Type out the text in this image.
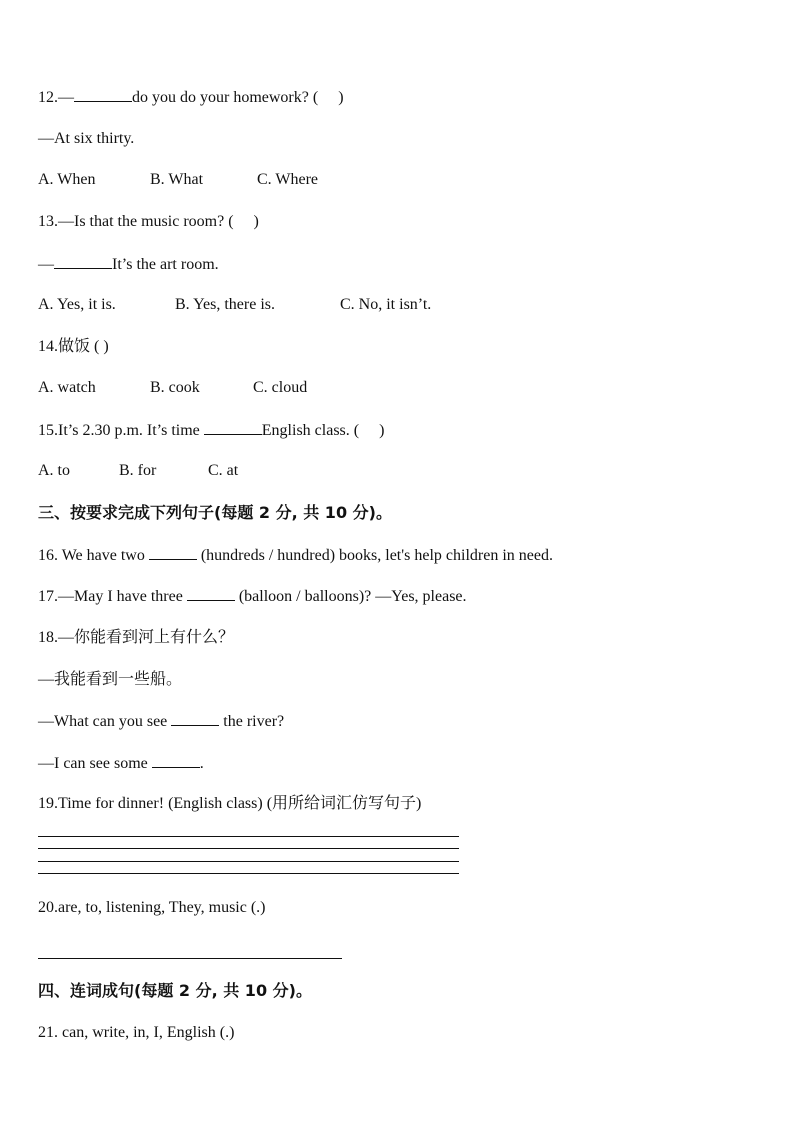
12.—	do you do your homework? ( )
—At six thirty.
A. When	B. What	C. Where
13.—Is that the music room? ( )
—	It’s the art room.
A. Yes, it is.	B. Yes, there is.	C. No, it isn’t.
14.做饭 ( )
A. watch	B. cook	C. cloud
15.It’s 2.30 p.m. It’s time	English class. ( )
A. to	B. for	C. at
三、按要求完成下列句子(每题 2 分, 共 10 分)。
16. We have two	(hundreds / hundred) books, let's help children in need.
17.—May I have three	(balloon / balloons)? —Yes, please.
18.—你能看到河上有什么？
—我能看到一些船。
—What can you see	the river?
—I can see some	.
19.Time for dinner! (English class) (用所给词汇仿写句子)
20.are, to, listening, They, music (.)
四、连词成句(每题 2 分, 共 10 分)。
21. can, write, in, I, English (.)
